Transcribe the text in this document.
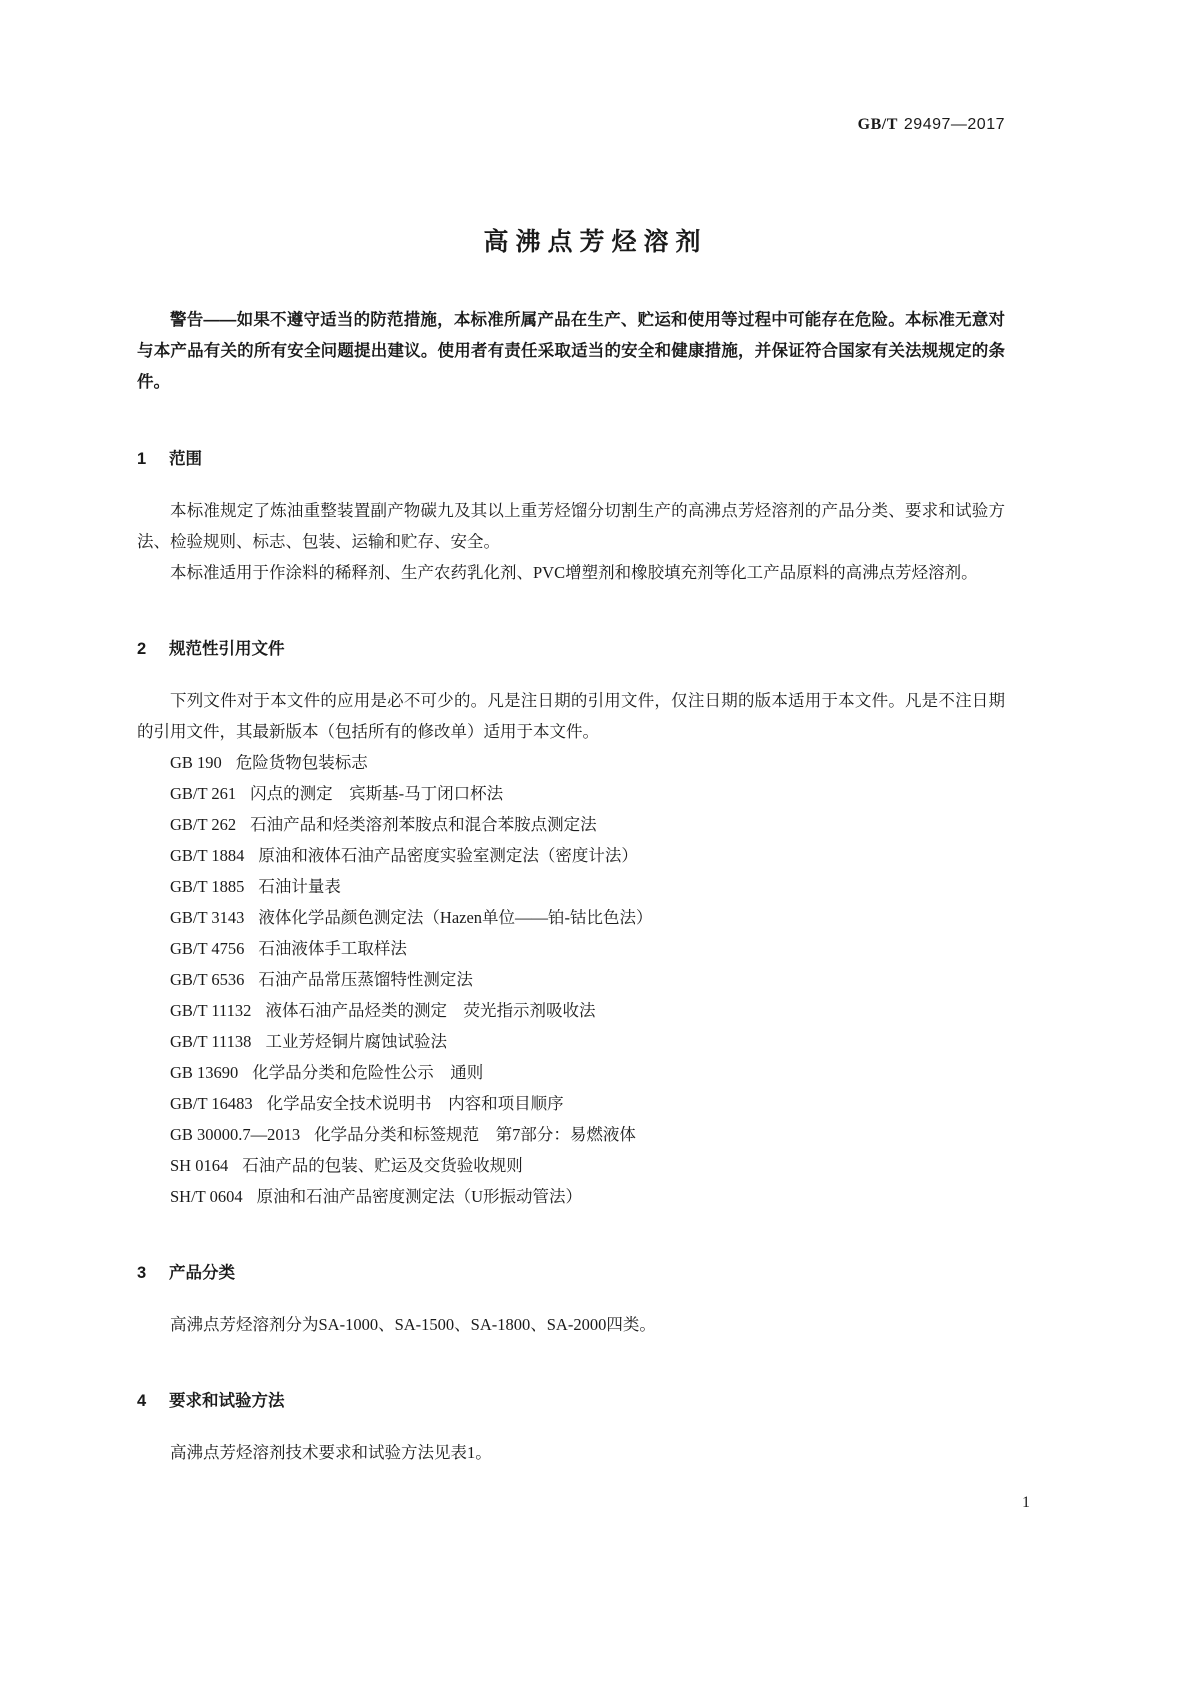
GB/T 29497—2017
高沸点芳烃溶剂

警告——如果不遵守适当的防范措施，本标准所属产品在生产、贮运和使用等过程中可能存在危险。本标准无意对与本产品有关的所有安全问题提出建议。使用者有责任采取适当的安全和健康措施，并保证符合国家有关法规规定的条件。

1 范围

本标准规定了炼油重整装置副产物碳九及其以上重芳烃馏分切割生产的高沸点芳烃溶剂的产品分类、要求和试验方法、检验规则、标志、包装、运输和贮存、安全。

本标准适用于作涂料的稀释剂、生产农药乳化剂、PVC增塑剂和橡胶填充剂等化工产品原料的高沸点芳烃溶剂。

2 规范性引用文件

下列文件对于本文件的应用是必不可少的。凡是注日期的引用文件，仅注日期的版本适用于本文件。凡是不注日期的引用文件，其最新版本（包括所有的修改单）适用于本文件。

GB 190 危险货物包装标志
GB/T 261 闪点的测定　宾斯基-马丁闭口杯法
GB/T 262 石油产品和烃类溶剂苯胺点和混合苯胺点测定法
GB/T 1884 原油和液体石油产品密度实验室测定法（密度计法）
GB/T 1885 石油计量表
GB/T 3143 液体化学品颜色测定法（Hazen单位——铂-钴比色法）
GB/T 4756 石油液体手工取样法
GB/T 6536 石油产品常压蒸馏特性测定法
GB/T 11132 液体石油产品烃类的测定　荧光指示剂吸收法
GB/T 11138 工业芳烃铜片腐蚀试验法
GB 13690 化学品分类和危险性公示　通则
GB/T 16483 化学品安全技术说明书　内容和项目顺序
GB 30000.7—2013 化学品分类和标签规范　第7部分：易燃液体
SH 0164 石油产品的包装、贮运及交货验收规则
SH/T 0604 原油和石油产品密度测定法（U形振动管法）
3 产品分类

高沸点芳烃溶剂分为SA-1000、SA-1500、SA-1800、SA-2000四类。

4 要求和试验方法

高沸点芳烃溶剂技术要求和试验方法见表1。

1
